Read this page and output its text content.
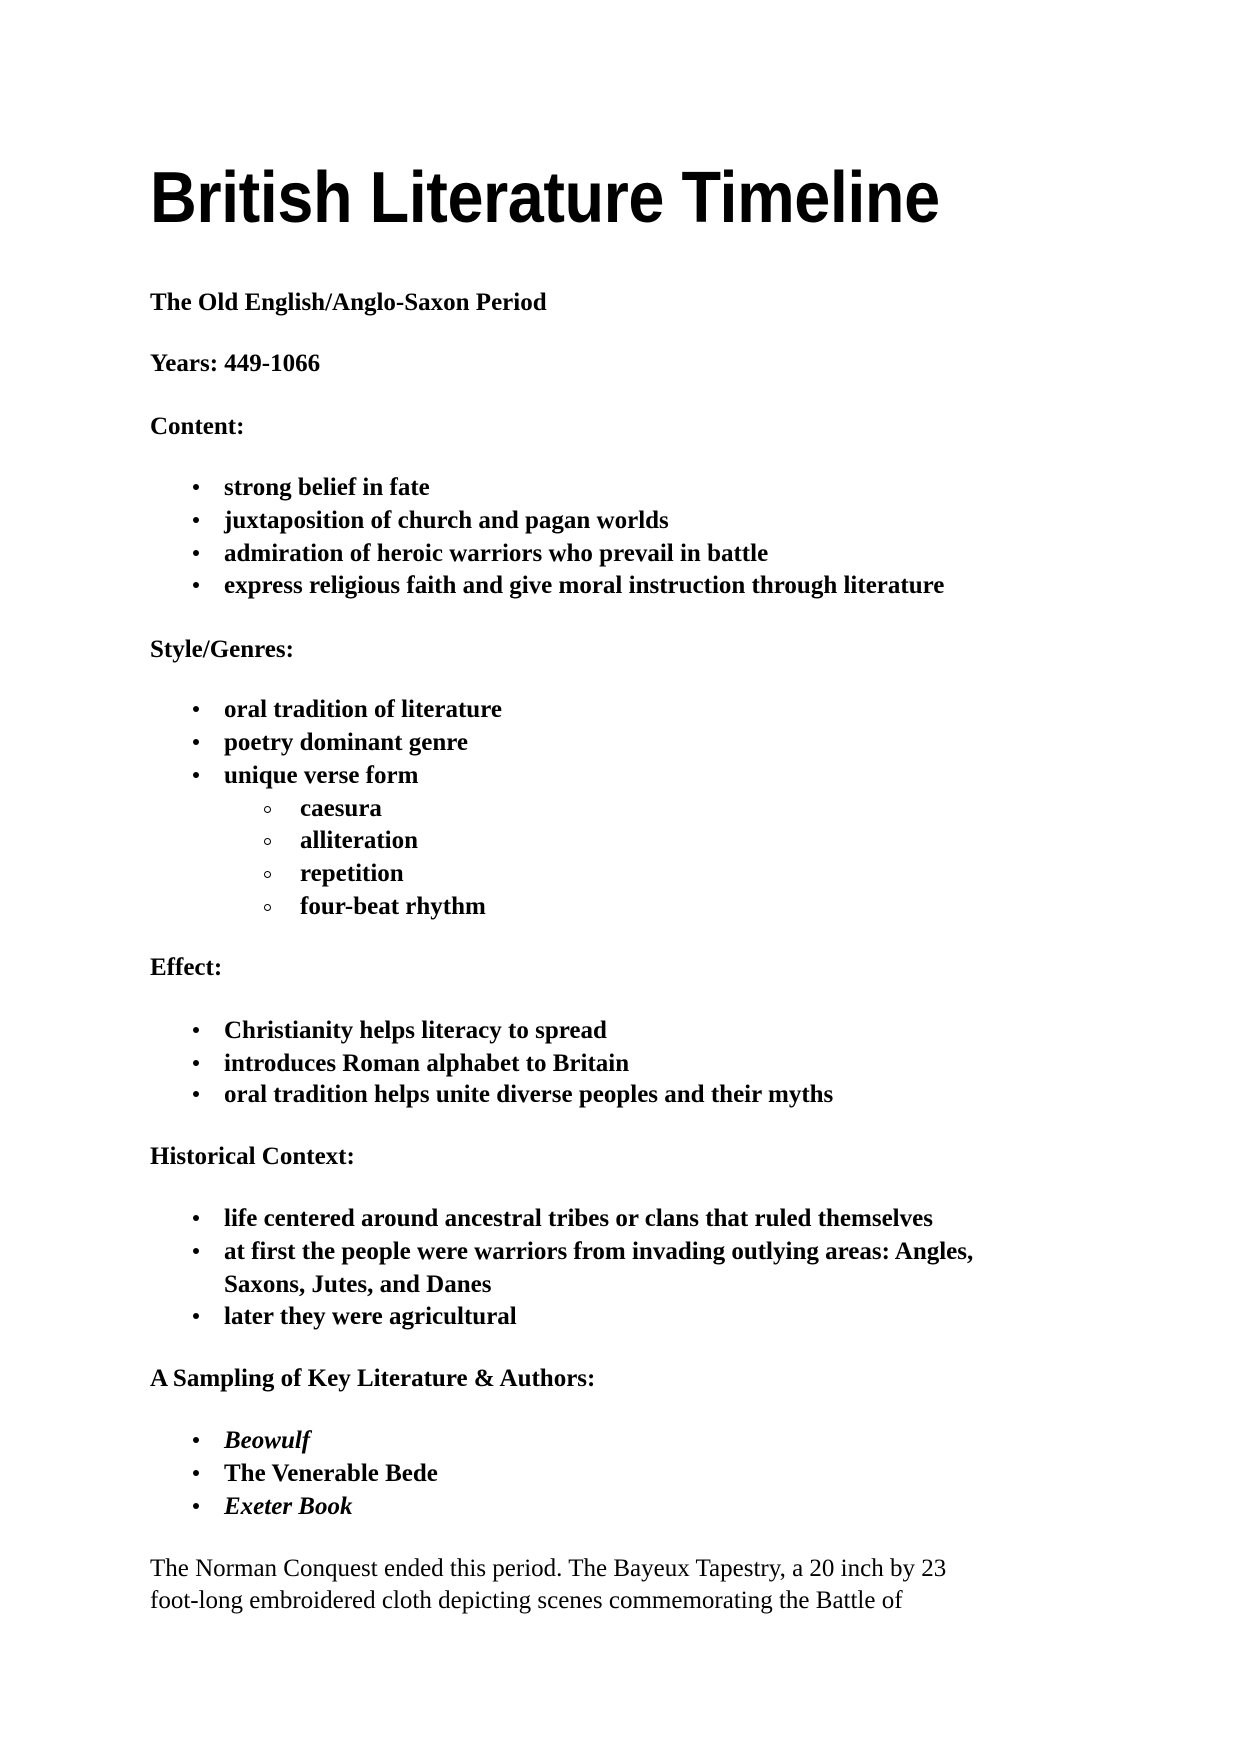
British Literature Timeline
The Old English/Anglo-Saxon Period
Years: 449-1066
Content:
strong belief in fate
juxtaposition of church and pagan worlds
admiration of heroic warriors who prevail in battle
express religious faith and give moral instruction through literature
Style/Genres:
oral tradition of literature
poetry dominant genre
unique verse form
caesura
alliteration
repetition
four-beat rhythm
Effect:
Christianity helps literacy to spread
introduces Roman alphabet to Britain
oral tradition helps unite diverse peoples and their myths
Historical Context:
life centered around ancestral tribes or clans that ruled themselves
at first the people were warriors from invading outlying areas: Angles,
Saxons, Jutes, and Danes
later they were agricultural
A Sampling of Key Literature & Authors:
Beowulf
The Venerable Bede
Exeter Book
The Norman Conquest ended this period. The Bayeux Tapestry, a 20 inch by 23
foot-long embroidered cloth depicting scenes commemorating the Battle of
